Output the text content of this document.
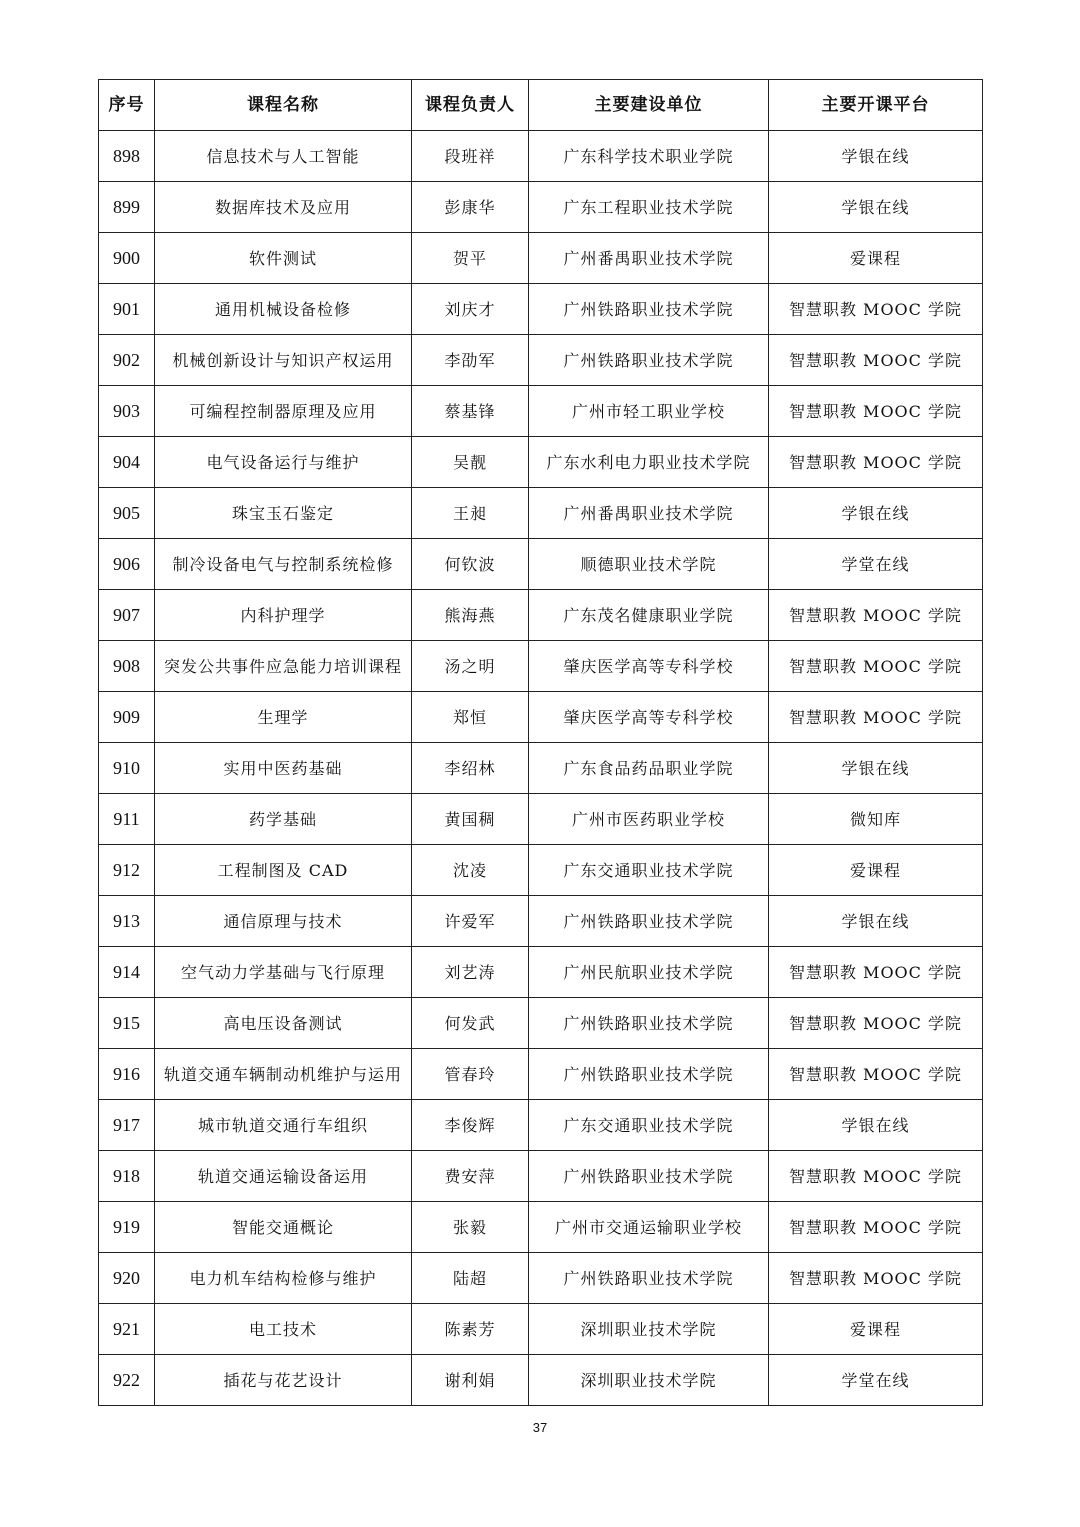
序号	课程名称	课程负责人	主要建设单位	主要开课平台
898	信息技术与人工智能	段班祥	广东科学技术职业学院	学银在线
899	数据库技术及应用	彭康华	广东工程职业技术学院	学银在线
900	软件测试	贺平	广州番禺职业技术学院	爱课程
901	通用机械设备检修	刘庆才	广州铁路职业技术学院	智慧职教 MOOC 学院
902	机械创新设计与知识产权运用	李劭军	广州铁路职业技术学院	智慧职教 MOOC 学院
903	可编程控制器原理及应用	蔡基锋	广州市轻工职业学校	智慧职教 MOOC 学院
904	电气设备运行与维护	吴靓	广东水利电力职业技术学院	智慧职教 MOOC 学院
905	珠宝玉石鉴定	王昶	广州番禺职业技术学院	学银在线
906	制冷设备电气与控制系统检修	何钦波	顺德职业技术学院	学堂在线
907	内科护理学	熊海燕	广东茂名健康职业学院	智慧职教 MOOC 学院
908	突发公共事件应急能力培训课程	汤之明	肇庆医学高等专科学校	智慧职教 MOOC 学院
909	生理学	郑恒	肇庆医学高等专科学校	智慧职教 MOOC 学院
910	实用中医药基础	李绍林	广东食品药品职业学院	学银在线
911	药学基础	黄国稠	广州市医药职业学校	微知库
912	工程制图及 CAD	沈凌	广东交通职业技术学院	爱课程
913	通信原理与技术	许爱军	广州铁路职业技术学院	学银在线
914	空气动力学基础与飞行原理	刘艺涛	广州民航职业技术学院	智慧职教 MOOC 学院
915	高电压设备测试	何发武	广州铁路职业技术学院	智慧职教 MOOC 学院
916	轨道交通车辆制动机维护与运用	管春玲	广州铁路职业技术学院	智慧职教 MOOC 学院
917	城市轨道交通行车组织	李俊辉	广东交通职业技术学院	学银在线
918	轨道交通运输设备运用	费安萍	广州铁路职业技术学院	智慧职教 MOOC 学院
919	智能交通概论	张毅	广州市交通运输职业学校	智慧职教 MOOC 学院
920	电力机车结构检修与维护	陆超	广州铁路职业技术学院	智慧职教 MOOC 学院
921	电工技术	陈素芳	深圳职业技术学院	爱课程
922	插花与花艺设计	谢利娟	深圳职业技术学院	学堂在线
37
